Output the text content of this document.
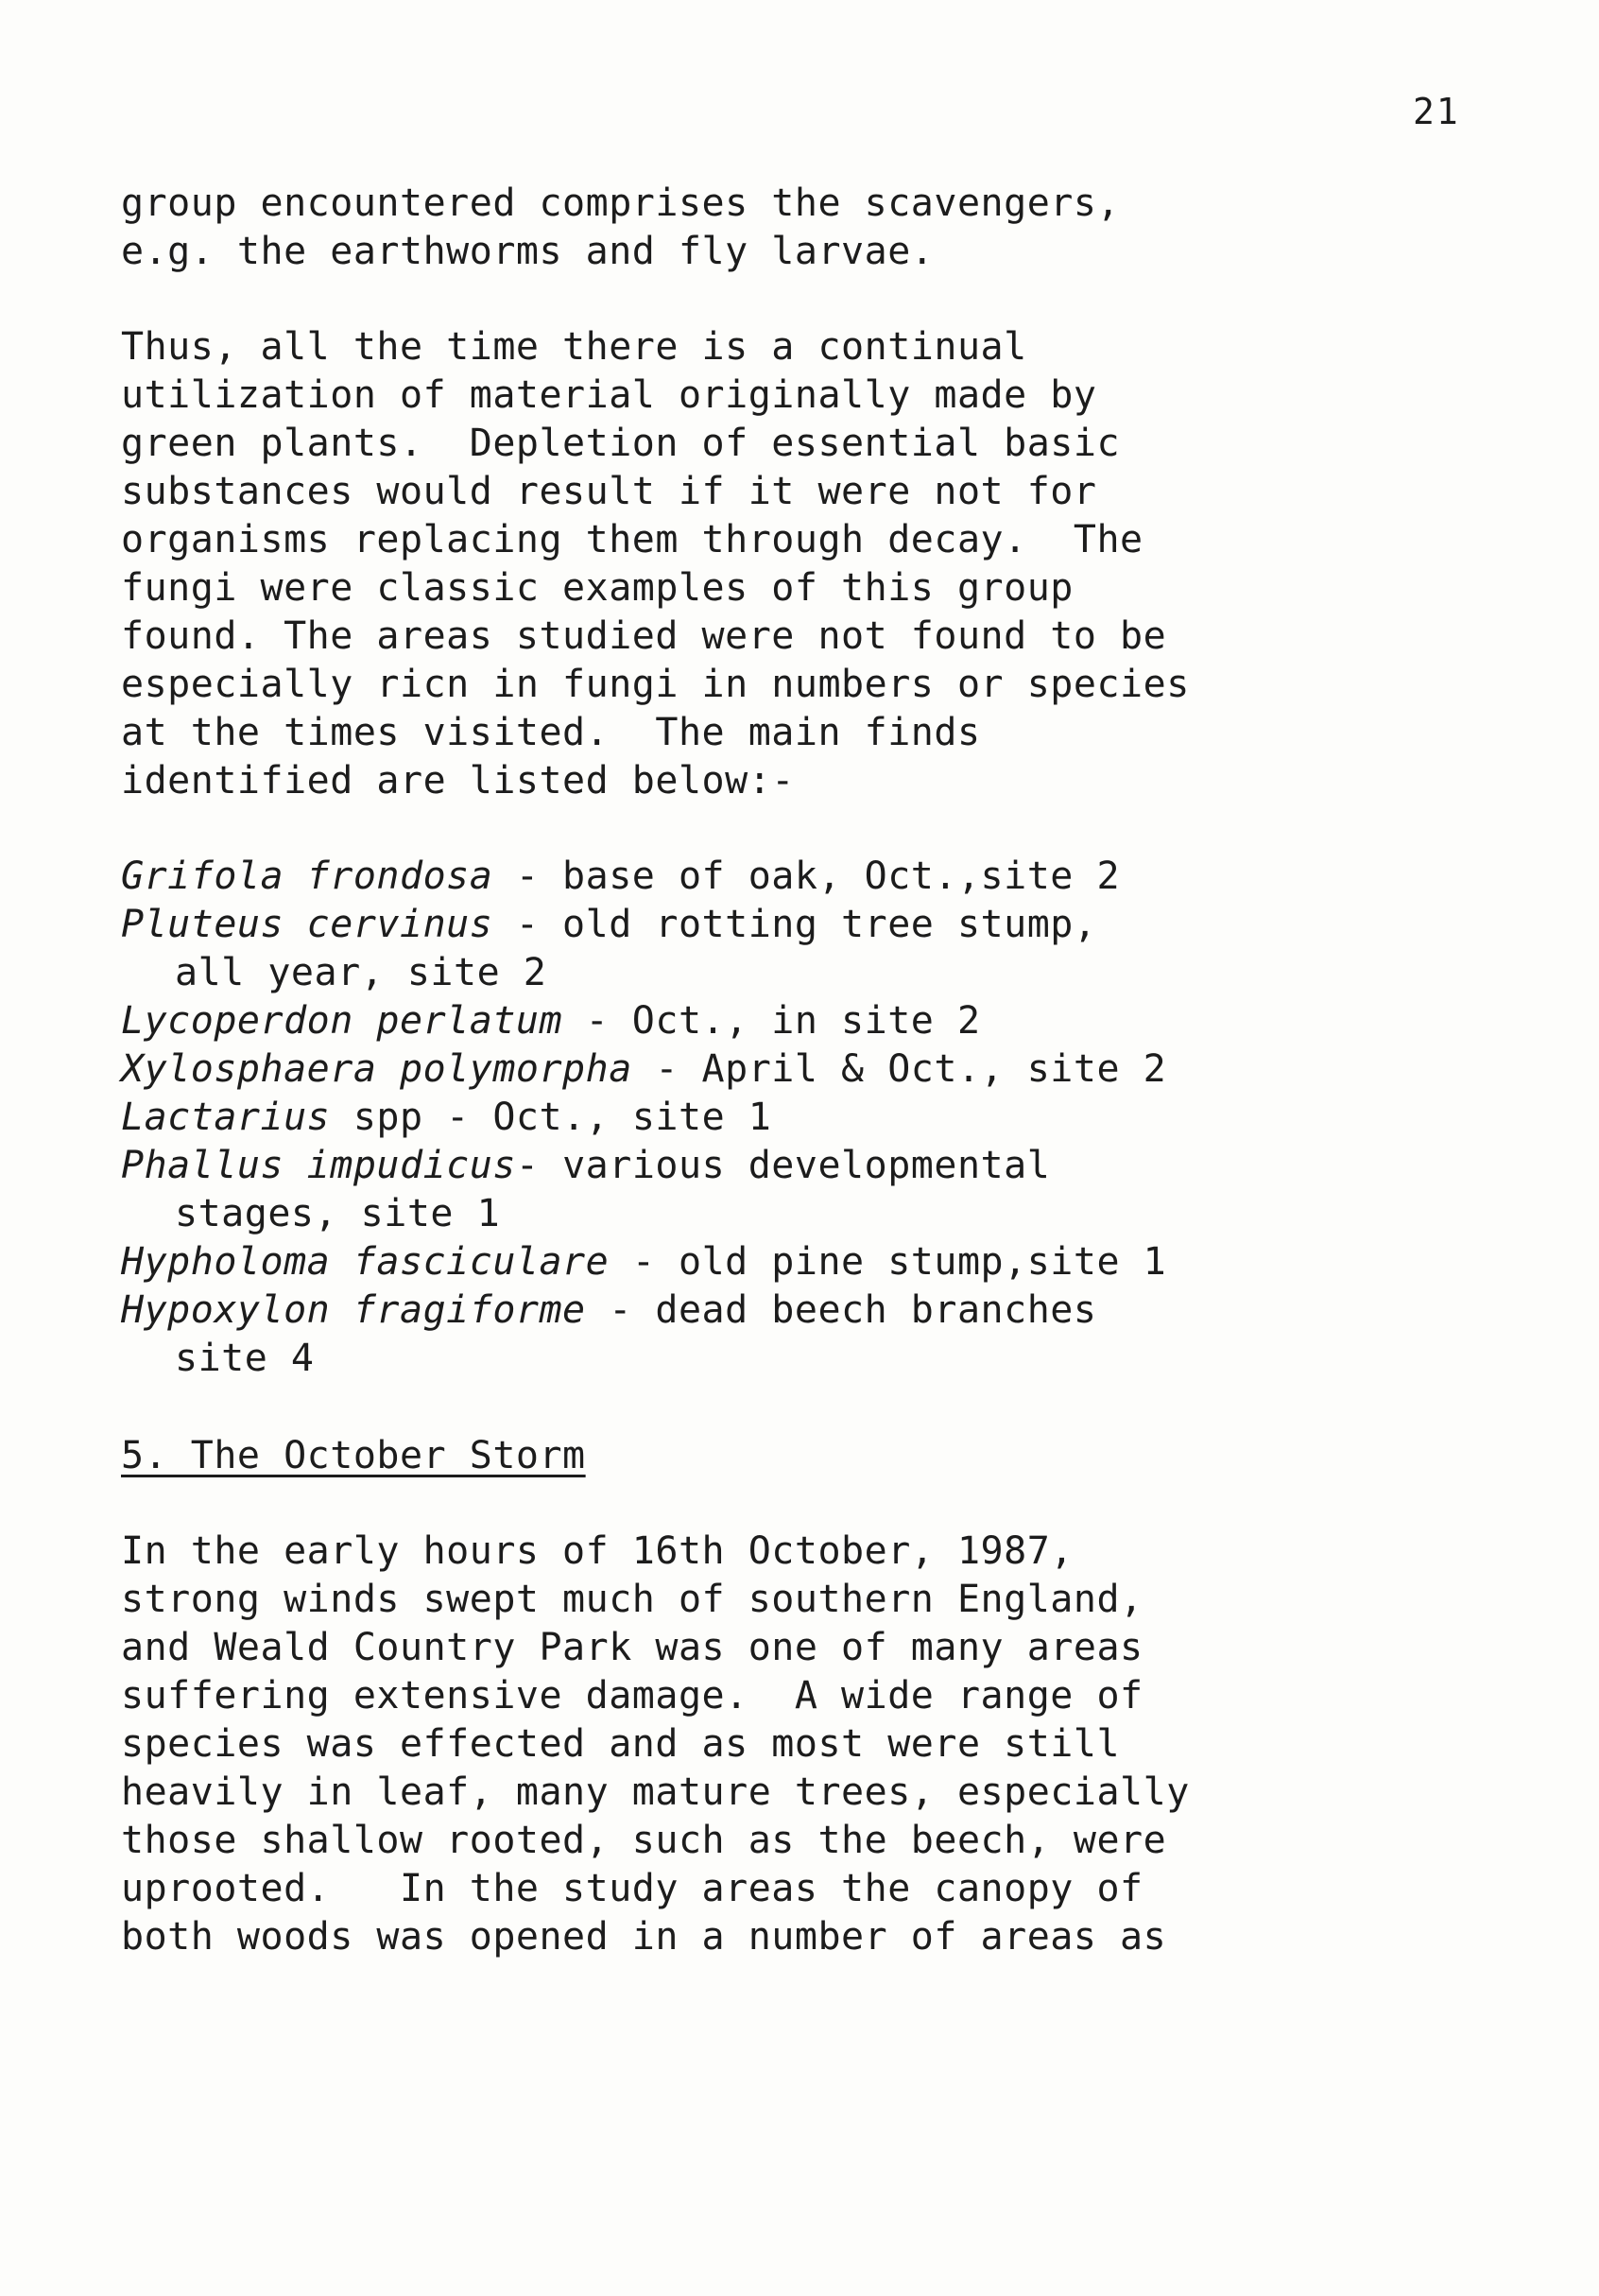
21
group encountered comprises the scavengers,
e.g. the earthworms and fly larvae.
Thus, all the time there is a continual
utilization of material originally made by
green plants.  Depletion of essential basic
substances would result if it were not for
organisms replacing them through decay.  The
fungi were classic examples of this group
found. The areas studied were not found to be
especially ricn in fungi in numbers or species
at the times visited.  The main finds
identified are listed below:-
Grifola frondosa - base of oak, Oct.,site 2
Pluteus cervinus - old rotting tree stump,
all year, site 2
Lycoperdon perlatum - Oct., in site 2
Xylosphaera polymorpha - April & Oct., site 2
Lactarius spp - Oct., site 1
Phallus impudicus- various developmental
stages, site 1
Hypholoma fasciculare - old pine stump,site 1
Hypoxylon fragiforme - dead beech branches
site 4
5. The October Storm
In the early hours of 16th October, 1987,
strong winds swept much of southern England,
and Weald Country Park was one of many areas
suffering extensive damage.  A wide range of
species was effected and as most were still
heavily in leaf, many mature trees, especially
those shallow rooted, such as the beech, were
uprooted.   In the study areas the canopy of
both woods was opened in a number of areas as
